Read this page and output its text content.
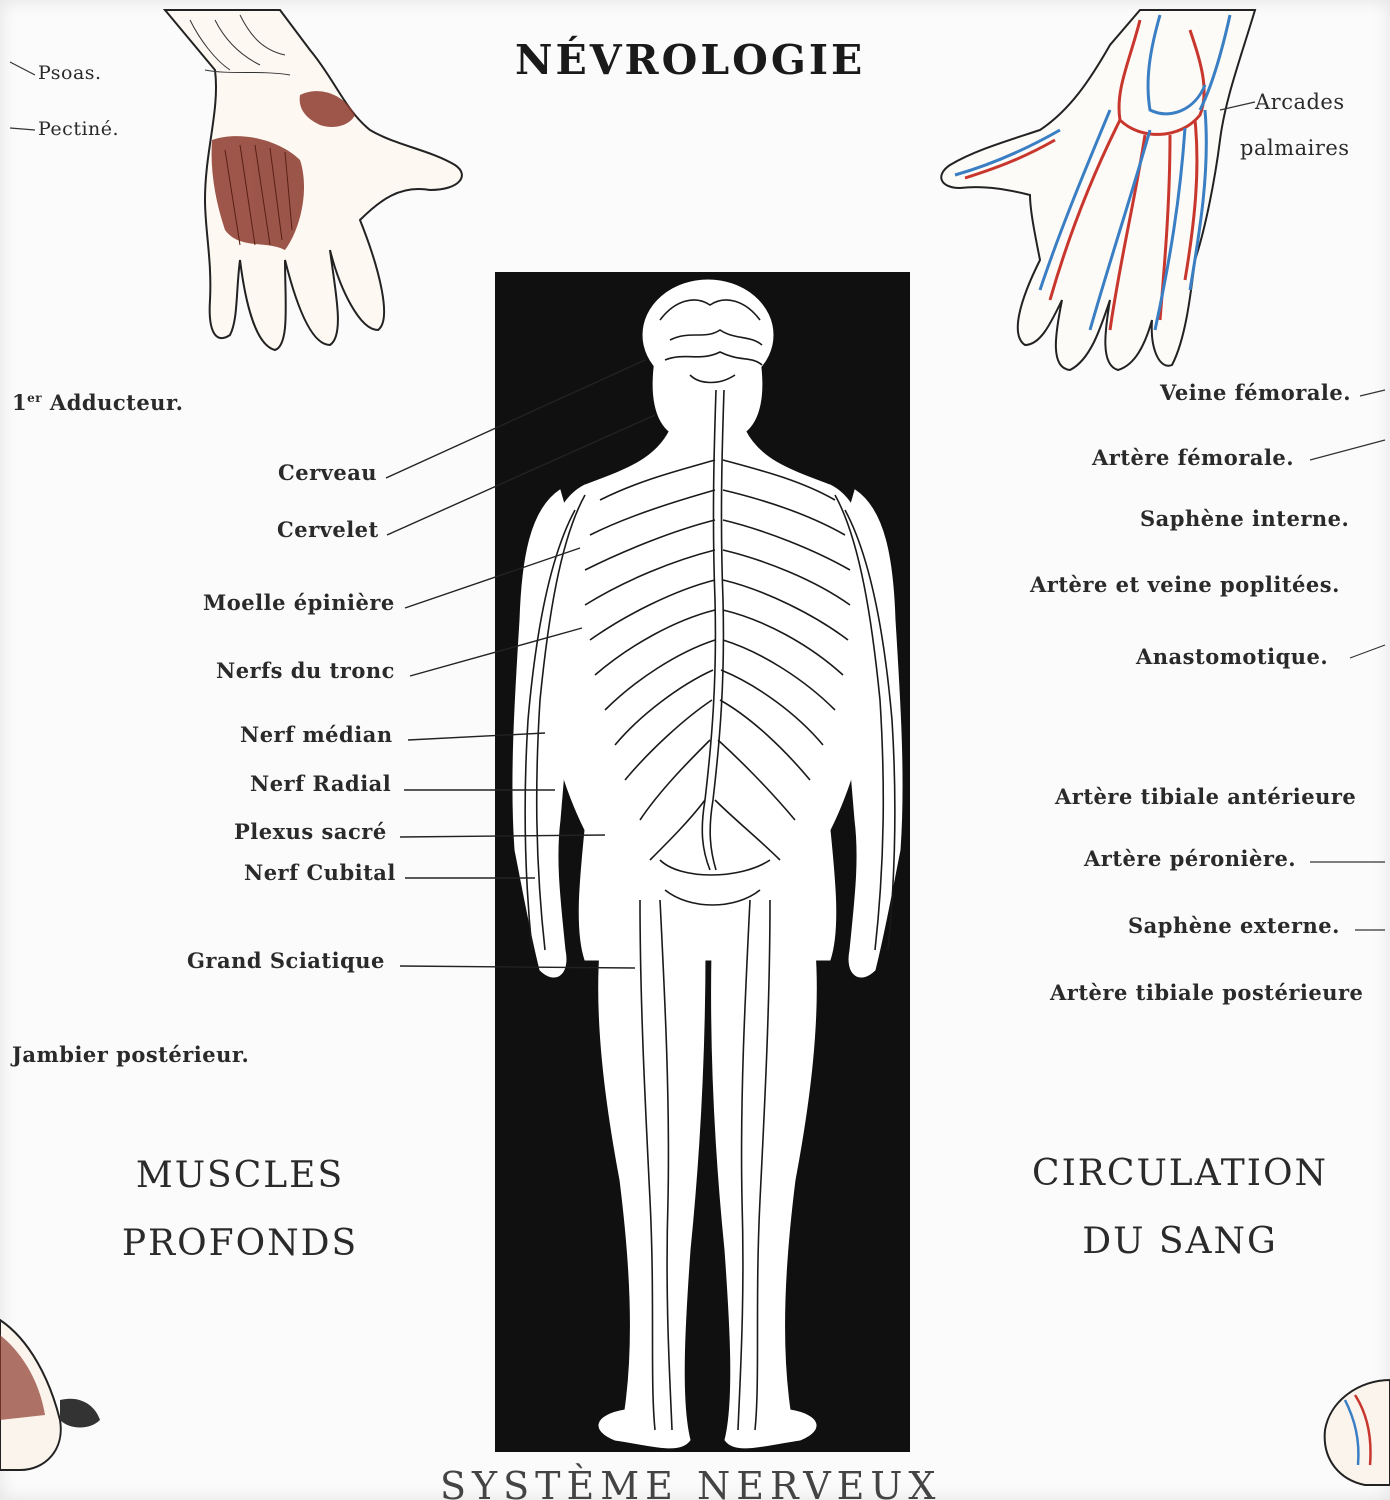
NÉVROLOGIE
Psoas.
Pectiné.
1er Adducteur.
Jambier postérieur.
Cerveau
Cervelet
Moelle épinière
Nerfs du tronc
Nerf médian
Nerf Radial
Plexus sacré
Nerf Cubital
Grand Sciatique
Arcades
palmaires
Veine fémorale.
Artère fémorale.
Saphène interne.
Artère et veine poplitées.
Anastomotique.
Artère tibiale antérieure
Artère péronière.
Saphène externe.
Artère tibiale postérieure
MUSCLES
PROFONDS
CIRCULATION
DU SANG
SYSTÈME NERVEUX
